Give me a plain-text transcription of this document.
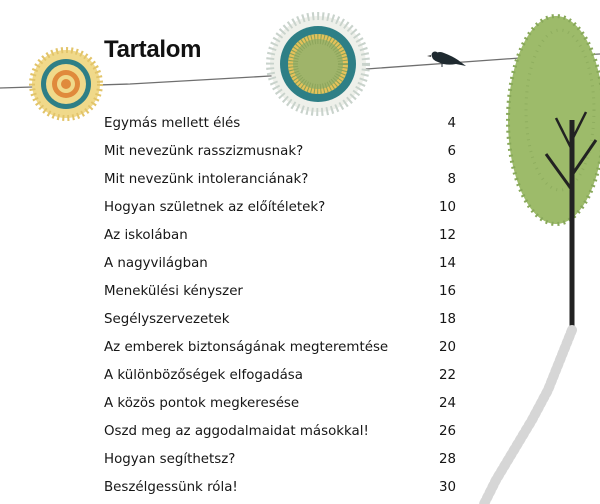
Tartalom
Egymás mellett élés	4
Mit nevezünk rasszizmusnak?	6
Mit nevezünk intoleranciának?	8
Hogyan születnek az előítéletek?	10
Az iskolában	12
A nagyvilágban	14
Menekülési kényszer	16
Segélyszervezetek	18
Az emberek biztonságának megteremtése	20
A különbözőségek elfogadása	22
A közös pontok megkeresése	24
Oszd meg az aggodalmaidat másokkal!	26
Hogyan segíthetsz?	28
Beszélgessünk róla!	30
